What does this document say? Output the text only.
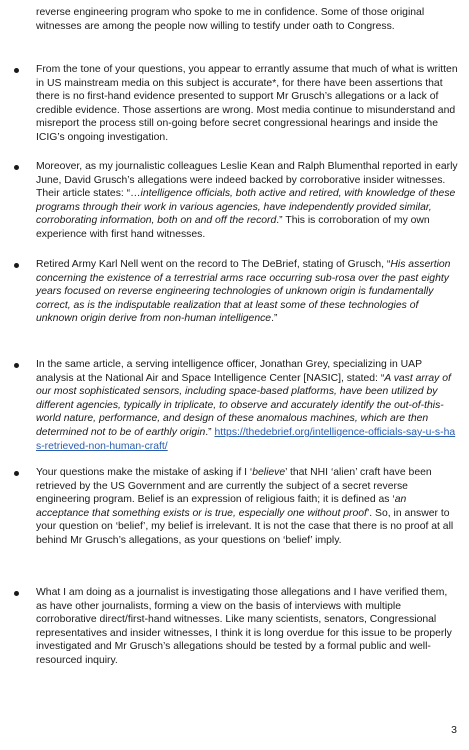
reverse engineering program who spoke to me in confidence. Some of those original witnesses are among the people now willing to testify under oath to Congress.

From the tone of your questions, you appear to errantly assume that much of what is written in US mainstream media on this subject is accurate*, for there have been assertions that there is no first-hand evidence presented to support Mr Grusch’s allegations or a lack of credible evidence. Those assertions are wrong. Most media continue to misunderstand and misreport the process still on-going before secret congressional hearings and inside the ICIG’s ongoing investigation.
Moreover, as my journalistic colleagues Leslie Kean and Ralph Blumenthal reported in early June, David Grusch’s allegations were indeed backed by corroborative insider witnesses. Their article states: “…intelligence officials, both active and retired, with knowledge of these programs through their work in various agencies, have independently provided similar, corroborating information, both on and off the record.” This is corroboration of my own experience with first hand witnesses.
Retired Army Karl Nell went on the record to The DeBrief, stating of Grusch, “His assertion concerning the existence of a terrestrial arms race occurring sub-rosa over the past eighty years focused on reverse engineering technologies of unknown origin is fundamentally correct, as is the indisputable realization that at least some of these technologies of unknown origin derive from non-human intelligence.”
In the same article, a serving intelligence officer, Jonathan Grey, specializing in UAP analysis at the National Air and Space Intelligence Center [NASIC], stated: “A vast array of our most sophisticated sensors, including space-based platforms, have been utilized by different agencies, typically in triplicate, to observe and accurately identify the out-of-this-world nature, performance, and design of these anomalous machines, which are then determined not to be of earthly origin.” https://thedebrief.org/intelligence-officials-say-u-s-has-retrieved-non-human-craft/
Your questions make the mistake of asking if I ‘believe’ that NHI ‘alien’ craft have been retrieved by the US Government and are currently the subject of a secret reverse engineering program. Belief is an expression of religious faith; it is defined as ‘an acceptance that something exists or is true, especially one without proof’. So, in answer to your question on ‘belief’, my belief is irrelevant. It is not the case that there is no proof at all behind Mr Grusch’s allegations, as your questions on ‘belief’ imply.
What I am doing as a journalist is investigating those allegations and I have verified them, as have other journalists, forming a view on the basis of interviews with multiple corroborative direct/first-hand witnesses. Like many scientists, senators, Congressional representatives and insider witnesses, I think it is long overdue for this issue to be properly investigated and Mr Grusch’s allegations should be tested by a formal public and well-resourced inquiry.
3
